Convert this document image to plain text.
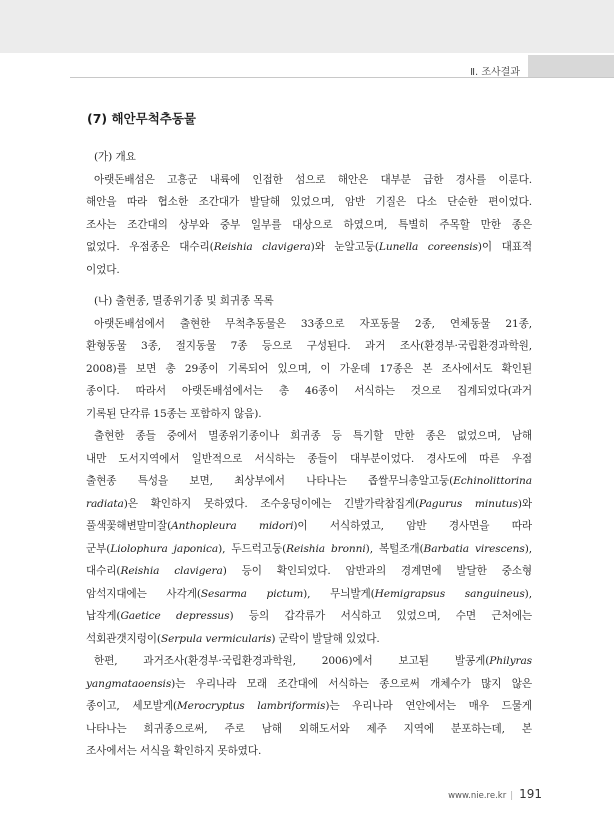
Ⅱ. 조사결과
(7) 해안무척추동물

(가) 개요

아랫돈배섬은 고흥군 내륙에 인접한 섬으로 해안은 대부분 급한 경사를 이룬다.
해안을 따라 협소한 조간대가 발달해 있었으며, 암반 기질은 다소 단순한 편이었다.
조사는 조간대의 상부와 중부 일부를 대상으로 하였으며, 특별히 주목할 만한 종은
없었다. 우점종은 대수리(Reishia clavigera)와 눈알고둥(Lunella coreensis)이 대표적
이었다.

(나) 출현종, 멸종위기종 및 희귀종 목록

아랫돈배섬에서 출현한 무척추동물은 33종으로 자포동물 2종, 연체동물 21종,
환형동물 3종, 절지동물 7종 등으로 구성된다. 과거 조사(환경부·국립환경과학원,
2008)를 보면 총 29종이 기록되어 있으며, 이 가운데 17종은 본 조사에서도 확인된
종이다. 따라서 아랫돈배섬에서는 총 46종이 서식하는 것으로 집계되었다(과거
기록된 단각류 15종는 포함하지 않음).
출현한 종들 중에서 멸종위기종이나 희귀종 등 특기할 만한 종은 없었으며, 남해
내만 도서지역에서 일반적으로 서식하는 종들이 대부분이었다. 경사도에 따른 우점
출현종 특성을 보면, 최상부에서 나타나는 좁쌀무늬총알고둥(Echinolittorina
radiata)은 확인하지 못하였다. 조수웅덩이에는 긴발가락참집게(Pagurus minutus)와
풀색꽃해변말미잘(Anthopleura midori)이 서식하였고, 암반 경사면을 따라
군부(Liolophura japonica), 두드럭고둥(Reishia bronni), 복털조개(Barbatia virescens),
대수리(Reishia clavigera) 등이 확인되었다. 암반과의 경계면에 발달한 중소형
암석지대에는 사각게(Sesarma pictum), 무늬발게(Hemigrapsus sanguineus),
납작게(Gaetice depressus) 등의 갑각류가 서식하고 있었으며, 수면 근처에는
석회관갯지렁이(Serpula vermicularis) 군락이 발달해 있었다.
한편, 과거조사(환경부·국립환경과학원, 2006)에서 보고된 발콩게(Philyras
yangmataoensis)는 우리나라 모래 조간대에 서식하는 종으로써 개체수가 많지 않은
종이고, 세모발게(Merocryptus lambriformis)는 우리나라 연안에서는 매우 드물게
나타나는 희귀종으로써, 주로 남해 외해도서와 제주 지역에 분포하는데, 본
조사에서는 서식을 확인하지 못하였다.
www.nie.re.kr | 191
